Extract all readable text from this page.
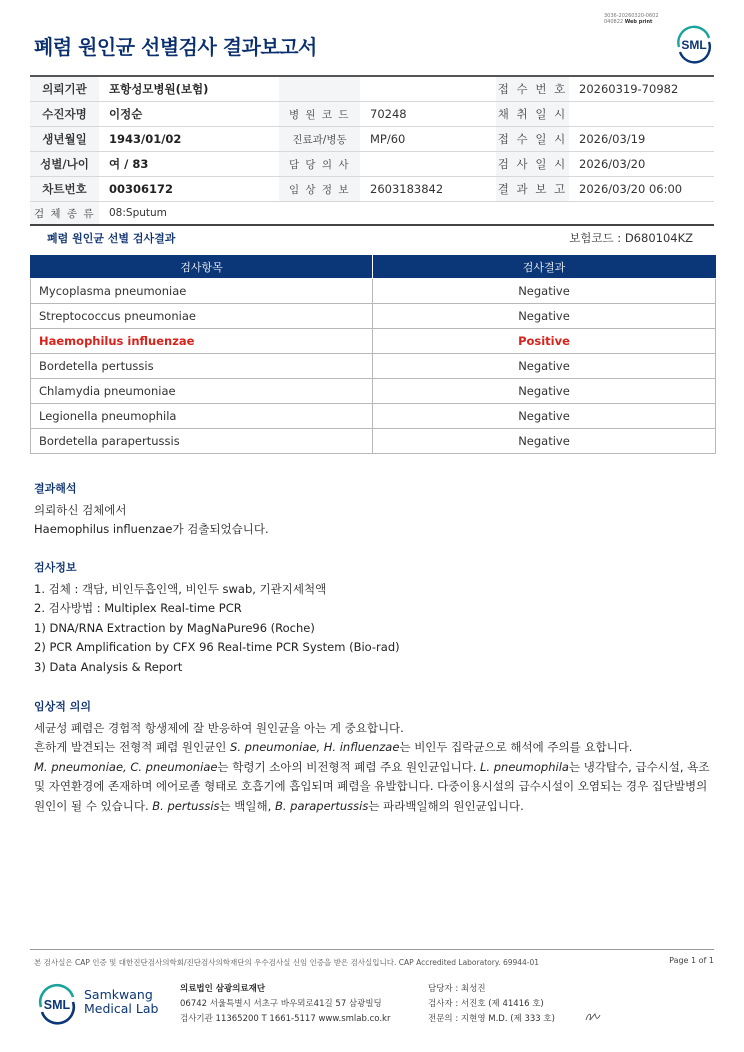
3036-20260320-0602
040822 Web print
폐렴 원인균 선별검사 결과보고서	SML
의뢰기관	포항성모병원(보험)			접 수 번 호	20260319-70982
수진자명	이정순	병 원 코 드	70248	채 취 일 시	
생년월일	1943/01/02	진료과/병동	MP/60	접 수 일 시	2026/03/19
성별/나이	여 / 83	담 당 의 사		검 사 일 시	2026/03/20
차트번호	00306172	임 상 정 보	2603183842	결 과 보 고	2026/03/20 06:00
검 체 종 류	08:Sputum				
폐렴 원인균 선별 검사결과	보험코드 : D680104KZ
검사항목	검사결과
Mycoplasma pneumoniae	Negative
Streptococcus pneumoniae	Negative
Haemophilus influenzae	Positive
Bordetella pertussis	Negative
Chlamydia pneumoniae	Negative
Legionella pneumophila	Negative
Bordetella parapertussis	Negative
결과해석

의뢰하신 검체에서

Haemophilus influenzae가 검출되었습니다.

검사정보

1. 검체 : 객담, 비인두흡인액, 비인두 swab, 기관지세척액

2. 검사방법 : Multiplex Real-time PCR

1) DNA/RNA Extraction by MagNaPure96 (Roche)

2) PCR Amplification by CFX 96 Real-time PCR System (Bio-rad)

3) Data Analysis & Report

임상적 의의

세균성 폐렴은 경험적 항생제에 잘 반응하여 원인균을 아는 게 중요합니다.

흔하게 발견되는 전형적 폐렴 원인균인 S. pneumoniae, H. influenzae는 비인두 집락균으로 해석에 주의를 요합니다.

M. pneumoniae, C. pneumoniae는 학령기 소아의 비전형적 폐렴 주요 원인균입니다. L. pneumophila는 냉각탑수, 급수시설, 욕조 및 자연환경에 존재하며 에어로졸 형태로 호흡기에 흡입되며 폐렴을 유발합니다. 다중이용시설의 급수시설이 오염되는 경우 집단발병의 원인이 될 수 있습니다. B. pertussis는 백일해, B. parapertussis는 파라백일해의 원인균입니다.

본 검사실은 CAP 인증 및 대한진단검사의학회/진단검사의학재단의 우수검사실 신임 인증을 받은 검사실입니다. CAP Accredited Laboratory. 69944-01	Page 1 of 1
SML
Samkwang
Medical Lab
의료법인 삼광의료재단
06742 서울특별시 서초구 바우뫼로41길 57 삼광빌딩
검사기관 11365200 T 1661-5117 www.smlab.co.kr
담당자 : 최성진
검사자 : 서진호 (제 41416 호)
전문의 : 지현영 M.D. (제 333 호)
